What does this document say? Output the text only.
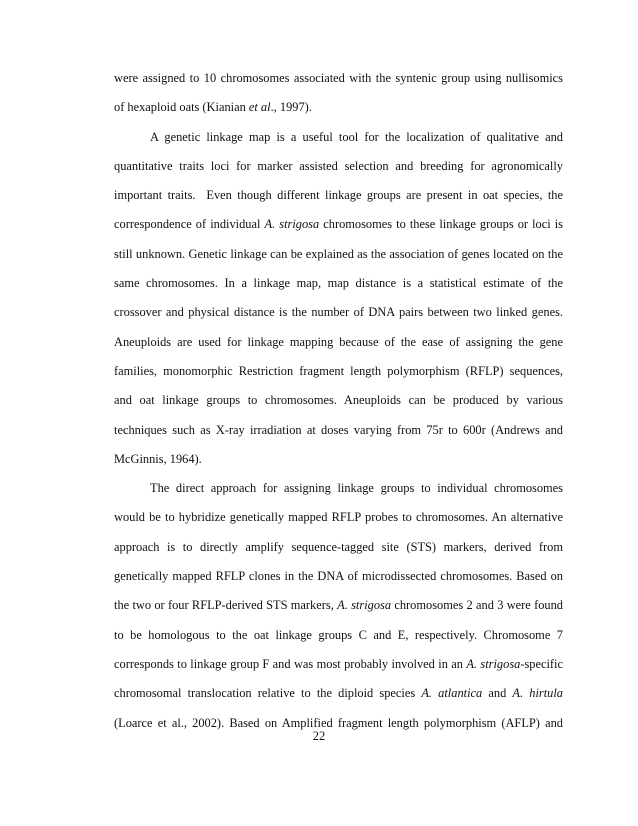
were assigned to 10 chromosomes associated with the syntenic group using nullisomics
of hexaploid oats (Kianian et al., 1997).
A genetic linkage map is a useful tool for the localization of qualitative and
quantitative traits loci for marker assisted selection and breeding for agronomically
important traits.  Even though different linkage groups are present in oat species, the
correspondence of individual A. strigosa chromosomes to these linkage groups or loci is
still unknown. Genetic linkage can be explained as the association of genes located on the
same chromosomes. In a linkage map, map distance is a statistical estimate of the
crossover and physical distance is the number of DNA pairs between two linked genes.
Aneuploids are used for linkage mapping because of the ease of assigning the gene
families, monomorphic Restriction fragment length polymorphism (RFLP) sequences,
and oat linkage groups to chromosomes. Aneuploids can be produced by various
techniques such as X-ray irradiation at doses varying from 75r to 600r (Andrews and
McGinnis, 1964).
The direct approach for assigning linkage groups to individual chromosomes
would be to hybridize genetically mapped RFLP probes to chromosomes. An alternative
approach is to directly amplify sequence-tagged site (STS) markers, derived from
genetically mapped RFLP clones in the DNA of microdissected chromosomes. Based on
the two or four RFLP-derived STS markers, A. strigosa chromosomes 2 and 3 were found
to be homologous to the oat linkage groups C and E, respectively. Chromosome 7
corresponds to linkage group F and was most probably involved in an A. strigosa-specific
chromosomal translocation relative to the diploid species A. atlantica and A. hirtula
(Loarce et al., 2002). Based on Amplified fragment length polymorphism (AFLP) and
22
